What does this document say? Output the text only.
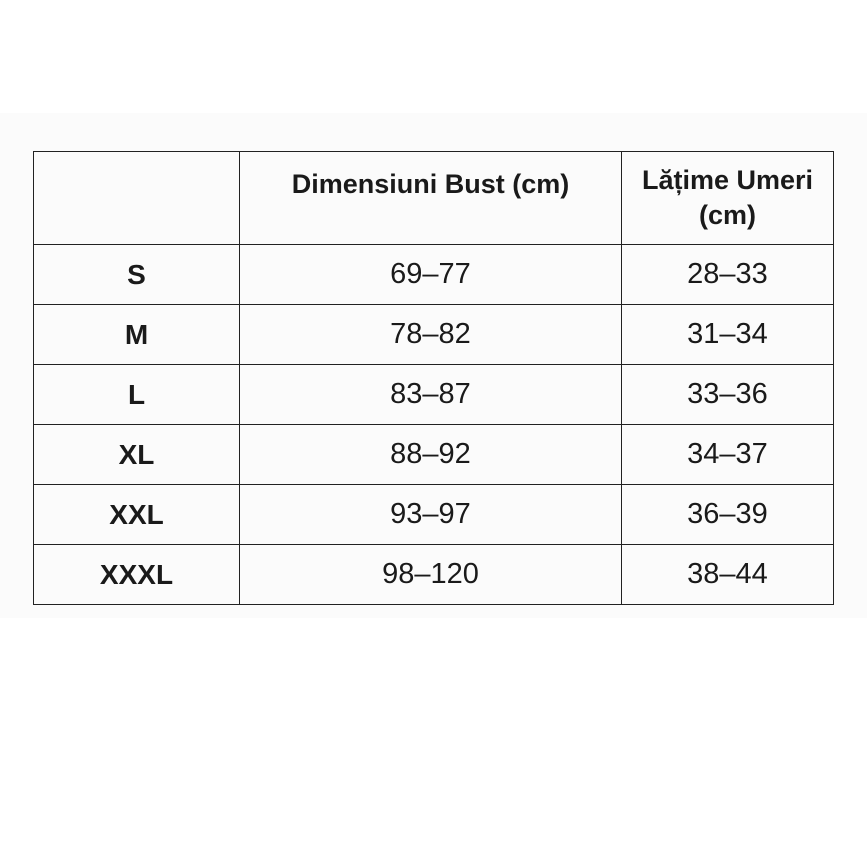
	Dimensiuni Bust (cm)	Lățime Umeri (cm)
S	69–77	28–33
M	78–82	31–34
L	83–87	33–36
XL	88–92	34–37
XXL	93–97	36–39
XXXL	98–120	38–44
